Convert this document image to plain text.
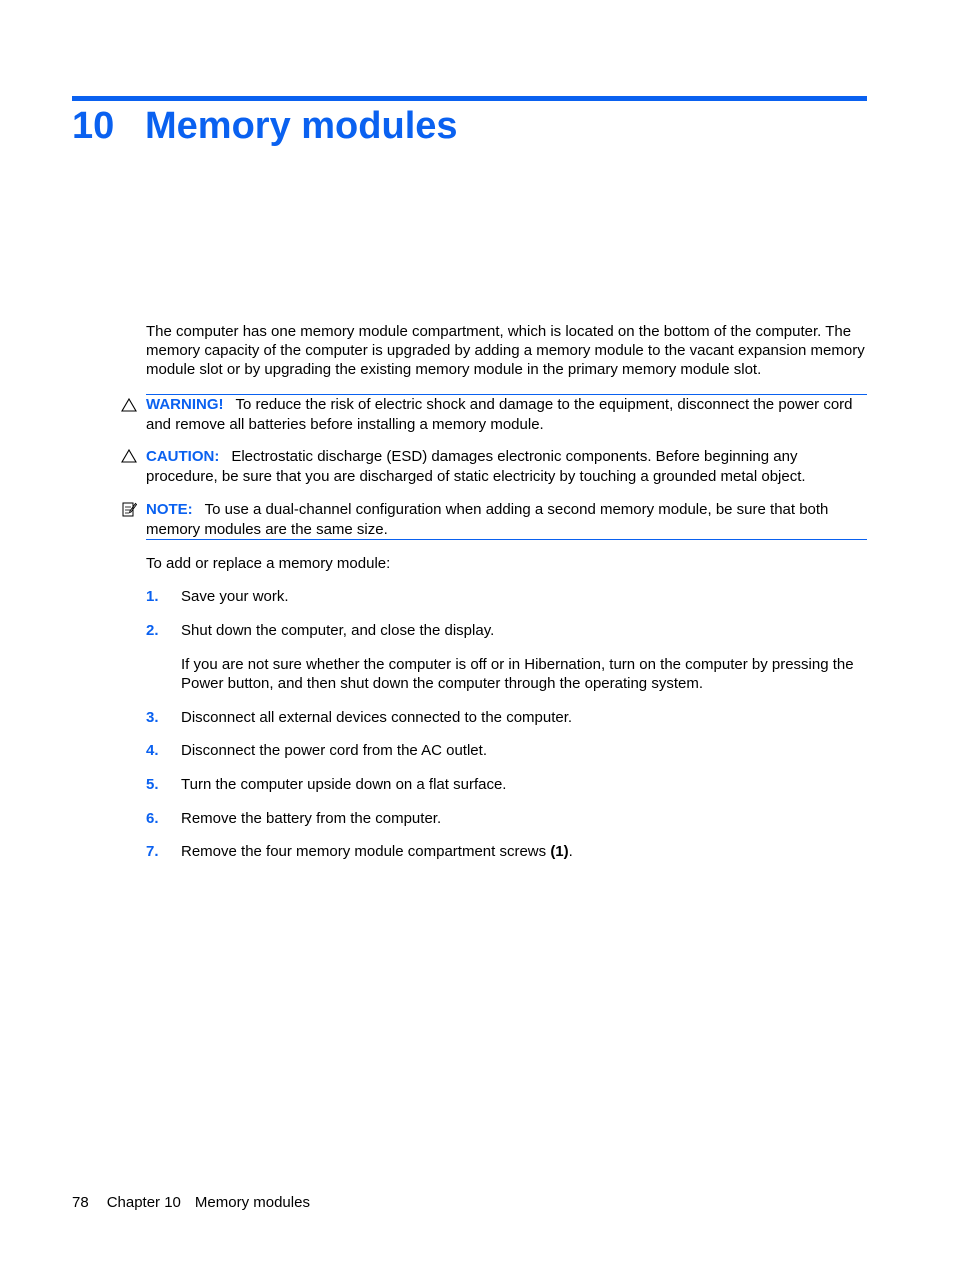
10 Memory modules

The computer has one memory module compartment, which is located on the bottom of the computer. The memory capacity of the computer is upgraded by adding a memory module to the vacant expansion memory module slot or by upgrading the existing memory module in the primary memory module slot.

WARNING! To reduce the risk of electric shock and damage to the equipment, disconnect the power cord and remove all batteries before installing a memory module.
CAUTION: Electrostatic discharge (ESD) damages electronic components. Before beginning any procedure, be sure that you are discharged of static electricity by touching a grounded metal object.
NOTE: To use a dual-channel configuration when adding a second memory module, be sure that both memory modules are the same size.
To add or replace a memory module:
1. Save your work.
2. Shut down the computer, and close the display.
If you are not sure whether the computer is off or in Hibernation, turn on the computer by pressing the Power button, and then shut down the computer through the operating system.
3. Disconnect all external devices connected to the computer.
4. Disconnect the power cord from the AC outlet.
5. Turn the computer upside down on a flat surface.
6. Remove the battery from the computer.
7. Remove the four memory module compartment screws (1).
78 Chapter 10 Memory modules
